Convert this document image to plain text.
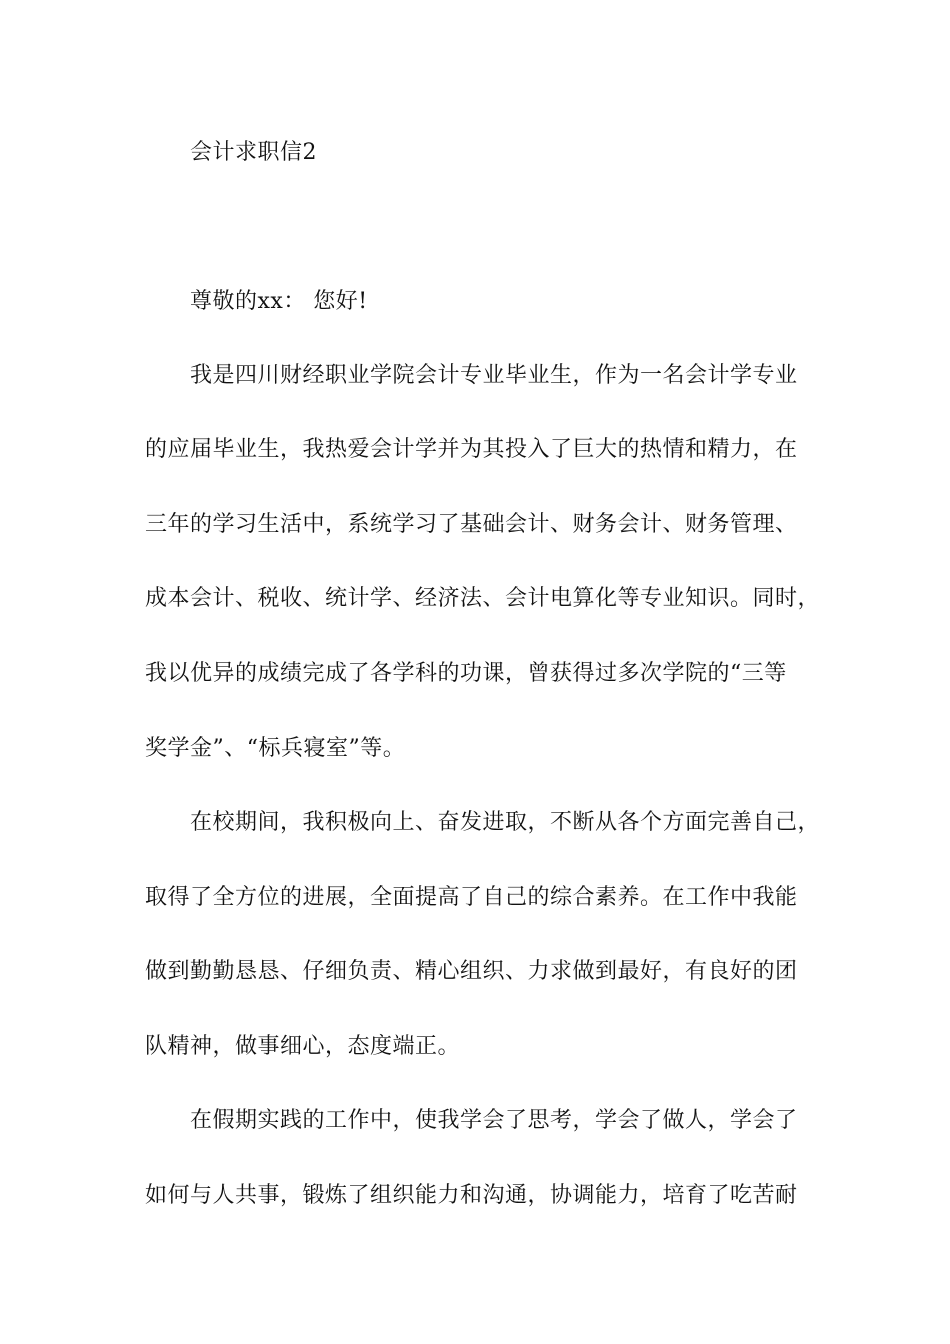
会计求职信2

尊敬的xx： 您好!

我是四川财经职业学院会计专业毕业生，作为一名会计学专业

的应届毕业生，我热爱会计学并为其投入了巨大的热情和精力，在

三年的学习生活中，系统学习了基础会计、财务会计、财务管理、

成本会计、税收、统计学、经济法、会计电算化等专业知识。同时，

我以优异的成绩完成了各学科的功课，曾获得过多次学院的“三等

奖学金”、“标兵寝室”等。

在校期间，我积极向上、奋发进取，不断从各个方面完善自己，

取得了全方位的进展，全面提高了自己的综合素养。在工作中我能

做到勤勤恳恳、仔细负责、精心组织、力求做到最好，有良好的团

队精神，做事细心，态度端正。

在假期实践的工作中，使我学会了思考，学会了做人，学会了

如何与人共事，锻炼了组织能力和沟通，协调能力，培育了吃苦耐
